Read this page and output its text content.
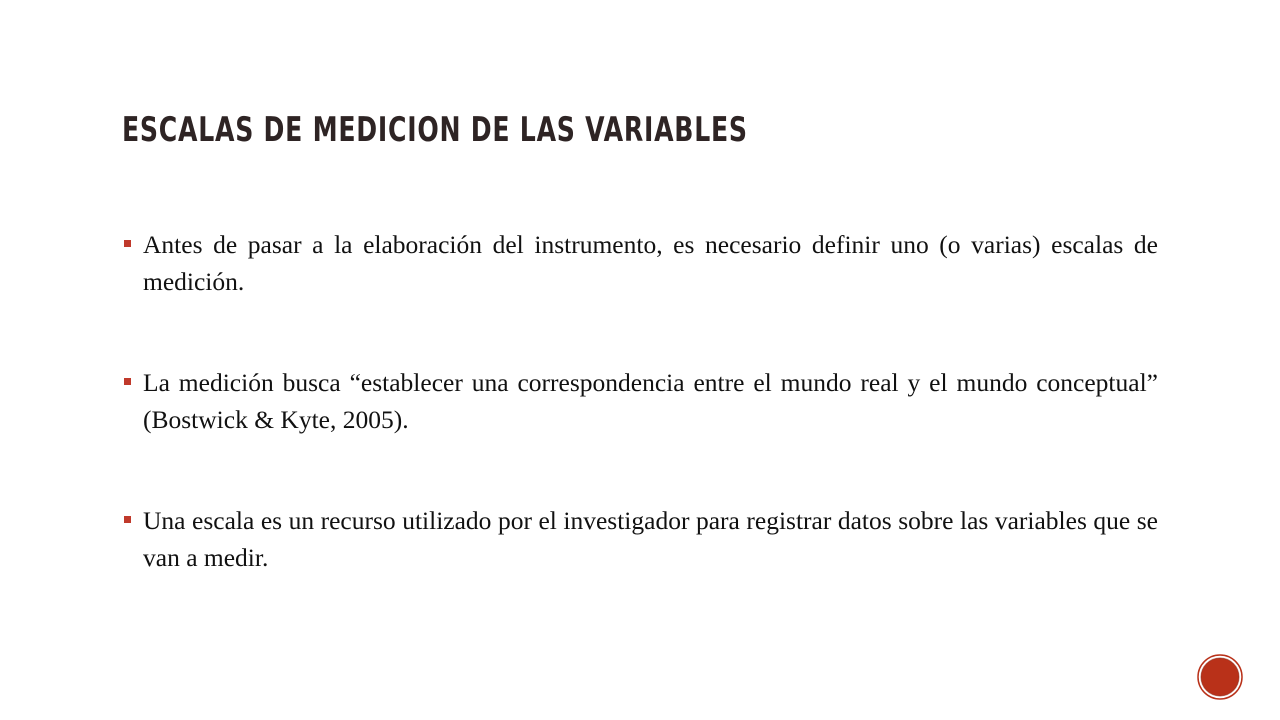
ESCALAS DE MEDICION DE LAS VARIABLES
Antes de pasar a la elaboración del instrumento, es necesario definir uno (o varias) escalas de medición.
La medición busca “establecer una correspondencia entre el mundo real y el mundo conceptual” (Bostwick & Kyte, 2005).
Una escala es un recurso utilizado por el investigador para registrar datos sobre las variables que se van a medir.
